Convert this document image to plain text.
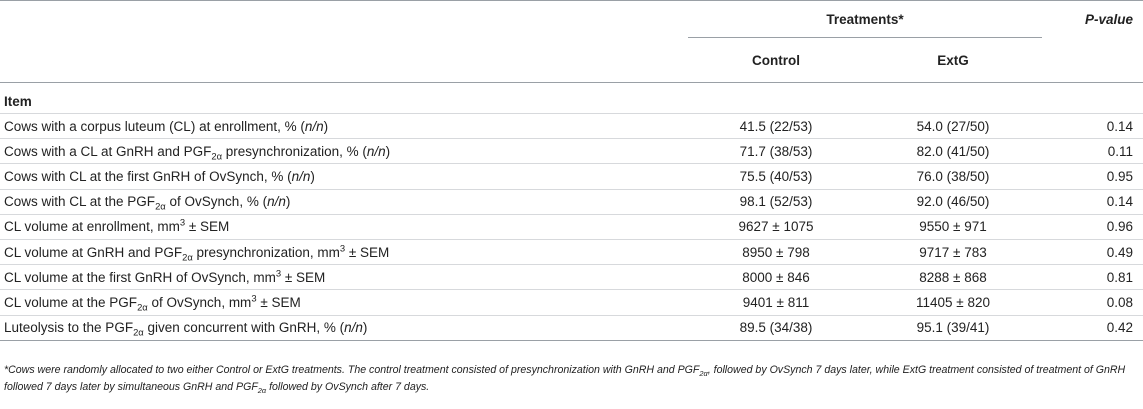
	Treatments*		P-value
	Control	ExtG	
Item			
Cows with a corpus luteum (CL) at enrollment, % (n/n)	41.5 (22/53)	54.0 (27/50)	0.14
Cows with a CL at GnRH and $PGF_{2\alpha}$ presynchronization, % (n/n)	71.7 (38/53)	82.0 (41/50)	0.11
Cows with CL at the first GnRH of OvSynch, % (n/n)	75.5 (40/53)	76.0 (38/50)	0.95
Cows with CL at the $PGF_{2\alpha}$ of OvSynch, % (n/n)	98.1 (52/53)	92.0 (46/50)	0.14
CL volume at enrollment, $mm^3$ ± SEM	9627 ± 1075	9550 ± 971	0.96
CL volume at GnRH and $PGF_{2\alpha}$ presynchronization, $mm^3$ ± SEM	8950 ± 798	9717 ± 783	0.49
CL volume at the first GnRH of OvSynch, $mm^3$ ± SEM	8000 ± 846	8288 ± 868	0.81
CL volume at the $PGF_{2\alpha}$ of OvSynch, $mm^3$ ± SEM	9401 ± 811	11405 ± 820	0.08
Luteolysis to the $PGF_{2\alpha}$ given concurrent with GnRH, % (n/n)	89.5 (34/38)	95.1 (39/41)	0.42
*Cows were randomly allocated to two either Control or ExtG treatments. The control treatment consisted of presynchronization with GnRH and $PGF_{2\alpha}$, followed by OvSynch 7 days later, while ExtG treatment consisted of treatment of GnRH followed 7 days later by simultaneous GnRH and $PGF_{2\alpha}$ followed by OvSynch after 7 days.
